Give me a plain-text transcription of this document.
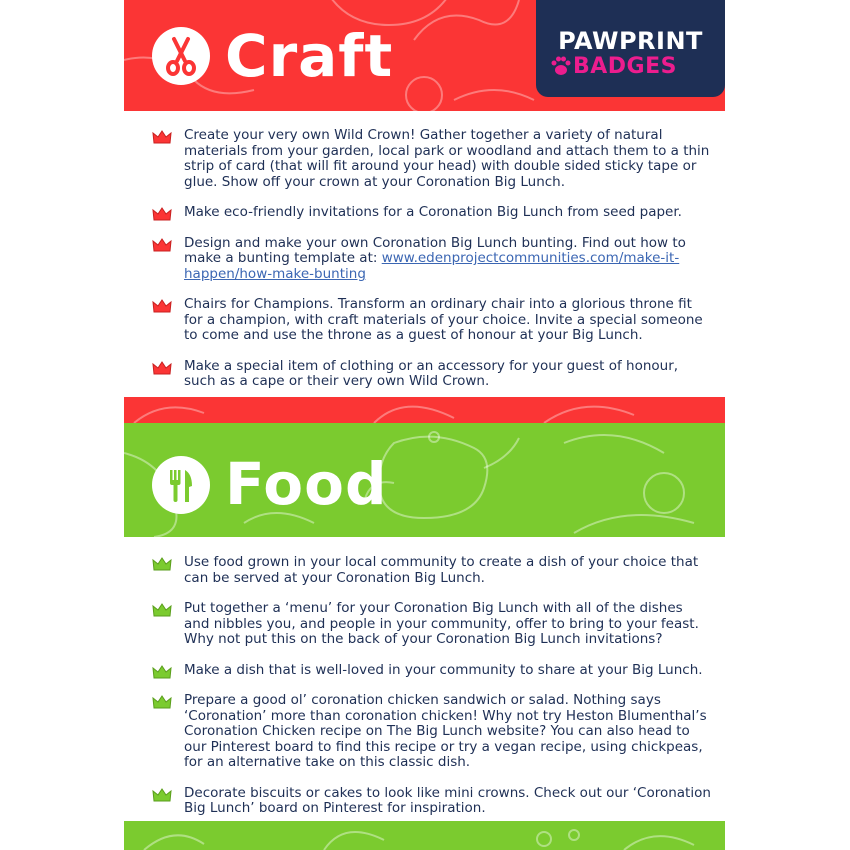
Craft	PAWPRINT
BADGES
Create your very own Wild Crown! Gather together a variety of natural materials from your garden, local park or woodland and attach them to a thin strip of card (that will fit around your head) with double sided sticky tape or glue. Show off your crown at your Coronation Big Lunch.
Make eco-friendly invitations for a Coronation Big Lunch from seed paper.
Design and make your own Coronation Big Lunch bunting. Find out how to make a bunting template at: www.edenprojectcommunities.com/make-it-happen/how-make-bunting
Chairs for Champions. Transform an ordinary chair into a glorious throne fit for a champion, with craft materials of your choice. Invite a special someone to come and use the throne as a guest of honour at your Big Lunch.
Make a special item of clothing or an accessory for your guest of honour, such as a cape or their very own Wild Crown.
Food
Use food grown in your local community to create a dish of your choice that can be served at your Coronation Big Lunch.
Put together a ‘menu’ for your Coronation Big Lunch with all of the dishes and nibbles you, and people in your community, offer to bring to your feast. Why not put this on the back of your Coronation Big Lunch invitations?
Make a dish that is well-loved in your community to share at your Big Lunch.
Prepare a good ol’ coronation chicken sandwich or salad. Nothing says ‘Coronation’ more than coronation chicken! Why not try Heston Blumenthal’s Coronation Chicken recipe on The Big Lunch website? You can also head to our Pinterest board to find this recipe or try a vegan recipe, using chickpeas, for an alternative take on this classic dish.
Decorate biscuits or cakes to look like mini crowns. Check out our ‘Coronation Big Lunch’ board on Pinterest for inspiration.
